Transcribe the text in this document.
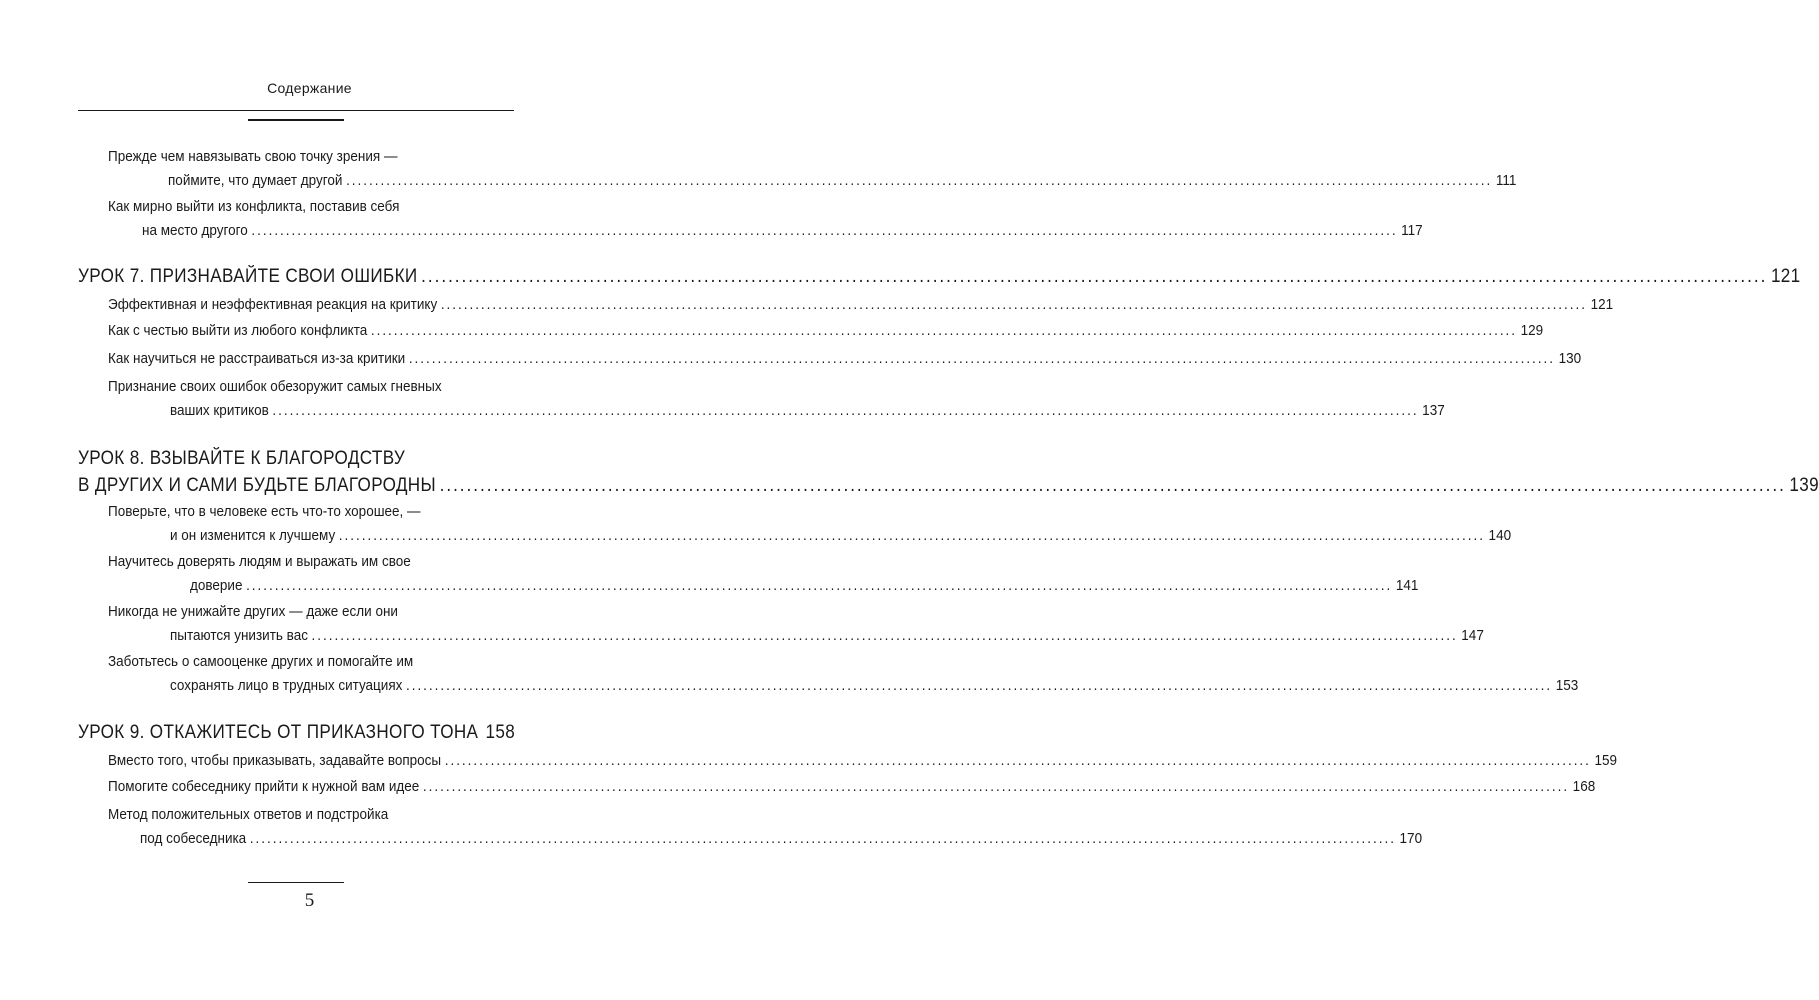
Содержание
Прежде чем навязывать свою точку зрения —
поймите, что думает другой ........................................................................................................................................................................................................ 111
Как мирно выйти из конфликта, поставив себя
на место другого ........................................................................................................................................................................................................ 117
УРОК 7. ПРИЗНАВАЙТЕ СВОИ ОШИБКИ ........................................................................................................................................................................................................ 121
Эффективная и неэффективная реакция на критику ........................................................................................................................................................................................................ 121
Как с честью выйти из любого конфликта ........................................................................................................................................................................................................ 129
Как научиться не расстраиваться из-за критики ........................................................................................................................................................................................................ 130
Признание своих ошибок обезоружит самых гневных
ваших критиков ........................................................................................................................................................................................................ 137
УРОК 8. ВЗЫВАЙТЕ К БЛАГОРОДСТВУ
В ДРУГИХ И САМИ БУДЬТЕ БЛАГОРОДНЫ ........................................................................................................................................................................................................ 139
Поверьте, что в человеке есть что-то хорошее, —
и он изменится к лучшему ........................................................................................................................................................................................................ 140
Научитесь доверять людям и выражать им свое
доверие ........................................................................................................................................................................................................ 141
Никогда не унижайте других — даже если они
пытаются унизить вас ........................................................................................................................................................................................................ 147
Заботьтесь о самооценке других и помогайте им
сохранять лицо в трудных ситуациях ........................................................................................................................................................................................................ 153
УРОК 9. ОТКАЖИТЕСЬ ОТ ПРИКАЗНОГО ТОНА 158
Вместо того, чтобы приказывать, задавайте вопросы ........................................................................................................................................................................................................ 159
Помогите собеседнику прийти к нужной вам идее ........................................................................................................................................................................................................ 168
Метод положительных ответов и подстройка
под собеседника ........................................................................................................................................................................................................ 170
5
